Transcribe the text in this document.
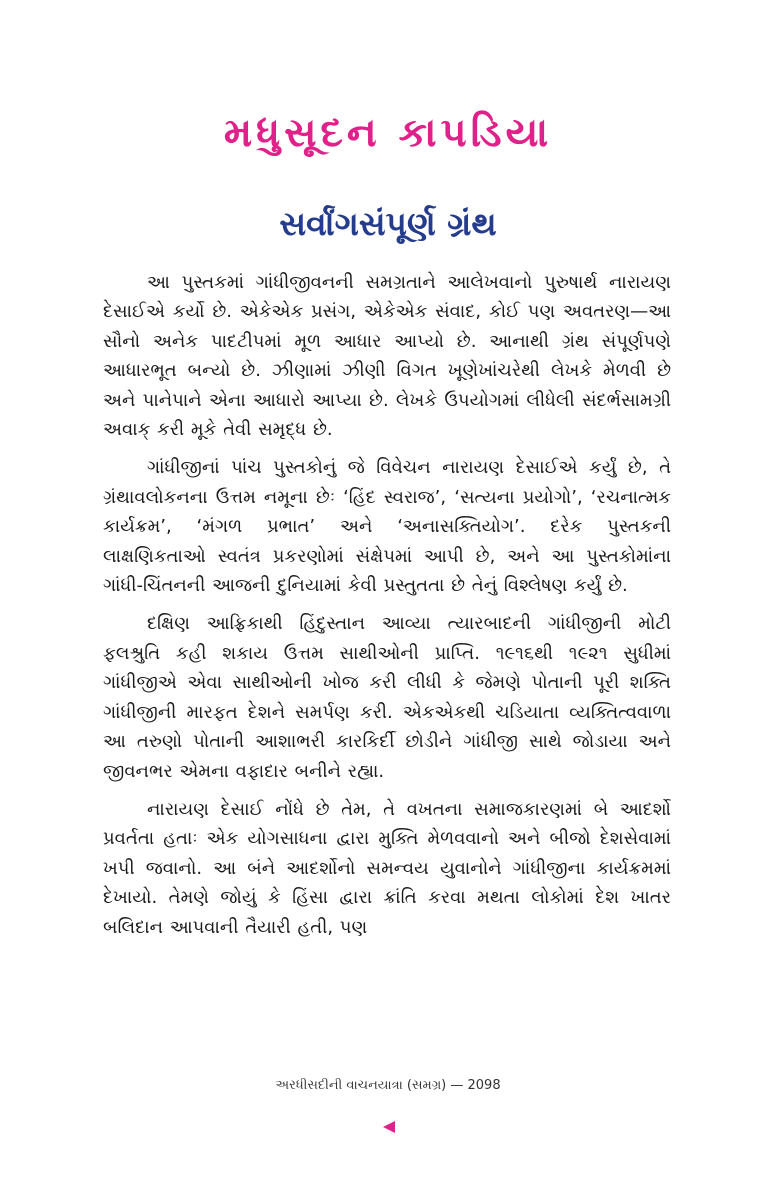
મધુસૂદન કાપડિયા
સર્વાંગસંપૂર્ણ ગ્રંથ

આ પુસ્તકમાં ગાંધીજીવનની સમગ્રતાને આલેખવાનો પુરુષાર્થ નારાયણ દેસાઈએ કર્યો છે. એકેએક પ્રસંગ, એકેએક સંવાદ, કોઈ પણ અવતરણ—આ સૌનો અનેક પાદટીપમાં મૂળ આધાર આપ્યો છે. આનાથી ગ્રંથ સંપૂર્ણપણે આધારભૂત બન્યો છે. ઝીણામાં ઝીણી વિગત ખૂણેખાંચરેથી લેખકે મેળવી છે અને પાનેપાને એના આધારો આપ્યા છે. લેખકે ઉપયોગમાં લીધેલી સંદર્ભસામગ્રી અવાક્ કરી મૂકે તેવી સમૃદ્ધ છે.

ગાંધીજીનાં પાંચ પુસ્તકોનું જે વિવેચન નારાયણ દેસાઈએ કર્યું છે, તે ગ્રંથાવલોકનના ઉત્તમ નમૂના છેઃ ‘હિંદ સ્વરાજ’, ‘સત્યના પ્રયોગો’, ‘રચનાત્મક કાર્યક્રમ’, ‘મંગળ પ્રભાત’ અને ‘અનાસક્તિયોગ’. દરેક પુસ્તકની લાક્ષણિકતાઓ સ્વતંત્ર પ્રકરણોમાં સંક્ષેપમાં આપી છે, અને આ પુસ્તકોમાંના ગાંધી-ચિંતનની આજની દુનિયામાં કેવી પ્રસ્તુતતા છે તેનું વિશ્લેષણ કર્યું છે.

દક્ષિણ આફ્રિકાથી હિંદુસ્તાન આવ્યા ત્યારબાદની ગાંધીજીની મોટી ફલશ્રુતિ કહી શકાય ઉત્તમ સાથીઓની પ્રાપ્તિ. ૧૯૧૬થી ૧૯૨૧ સુધીમાં ગાંધીજીએ એવા સાથીઓની ખોજ કરી લીધી કે જેમણે પોતાની પૂરી શક્તિ ગાંધીજીની મારફત દેશને સમર્પણ કરી. એકએકથી ચડિયાતા વ્યક્તિત્વવાળા આ તરુણો પોતાની આશાભરી કારકિર્દી છોડીને ગાંધીજી સાથે જોડાયા અને જીવનભર એમના વફાદાર બનીને રહ્યા.

નારાયણ દેસાઈ નોંધે છે તેમ, તે વખતના સમાજકારણમાં બે આદર્શો પ્રવર્તતા હતાઃ એક યોગસાધના દ્વારા મુક્તિ મેળવવાનો અને બીજો દેશસેવામાં ખપી જવાનો. આ બંને આદર્શોનો સમન્વય યુવાનોને ગાંધીજીના કાર્યક્રમમાં દેખાયો. તેમણે જોયું કે હિંસા દ્વારા ક્રાંતિ કરવા મથતા લોકોમાં દેશ ખાતર બલિદાન આપવાની તૈયારી હતી, પણ

અરધીસદીની વાચનયાત્રા (સમગ્ર) — 2098
